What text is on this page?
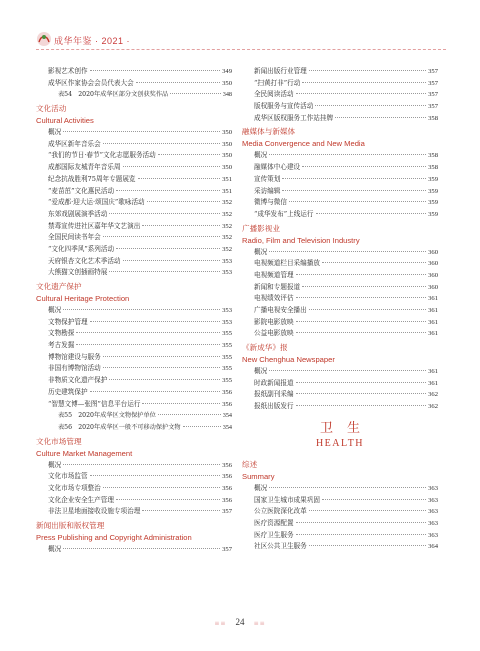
成华年鉴 · 2021 ·
影视艺术创作	349
成华区作家协会会员代表大会	350
表54　2020年成华区部分文创获奖作品	348
文化活动
Cultural Activities
概况	350
成华区新年音乐会	350
“我们的节日·春节”文化志愿服务活动	350
成都国际友城青年音乐周	350
纪念抗战胜利75周年专题展览	351
“麦苗茁”文化惠民活动	351
“爱成都·迎大运·颂国庆”歌咏活动	352
东郊戏剧展演季活动	352
禁毒宣传进社区嘉年华文艺演出	352
全国民间读书年会	352
“文化四季风”系列活动	352
天府银杏文化艺术季活动	353
大熊猫文创插画特展	353
文化遗产保护
Cultural Heritage Protection
概况	353
文物保护管理	353
文物勘探	355
考古发掘	355
博物馆建设与服务	355
非国有博物馆活动	355
非物质文化遗产保护	355
历史建筑保护	356
“智慧文博—张图”信息平台运行	356
表55　2020年成华区文物保护单位	354
表56　2020年成华区一般不可移动保护文物	354
文化市场管理
Culture Market Management
概况	356
文化市场监管	356
文化市场专项整治	356
文化企业安全生产管理	356
非法卫星地面接收设施专项治理	357
新闻出版和版权管理
Press Publishing and Copyright Administration
概况	357
新闻出版行业管理	357
“扫黄打非”行动	357
全民阅读活动	357
版权服务与宣传活动	357
成华区版权服务工作站挂牌	358
融媒体与新媒体
Media Convergence and New Media
概况	358
融媒体中心建设	358
宣传策划	359
采访编辑	359
微博与微信	359
“成华发布”上线运行	359
广播影视业
Radio, Film and Television Industry
概况	360
电视频道栏目采编播放	360
电视频道管理	360
新闻和专题报道	360
电视绩效评估	361
广播电视安全播出	361
影院电影放映	361
公益电影放映	361
《新成华》报
New Chenghua Newspaper
概况	361
时政新闻报道	361
报纸副刊采编	362
报纸出版发行	362
卫生
HEALTH
综述
Summary
概况	363
国家卫生城市成果巩固	363
公立医院深化改革	363
医疗资源配置	363
医疗卫生服务	363
社区公共卫生服务	364
≡≡ 24 ≡≡
